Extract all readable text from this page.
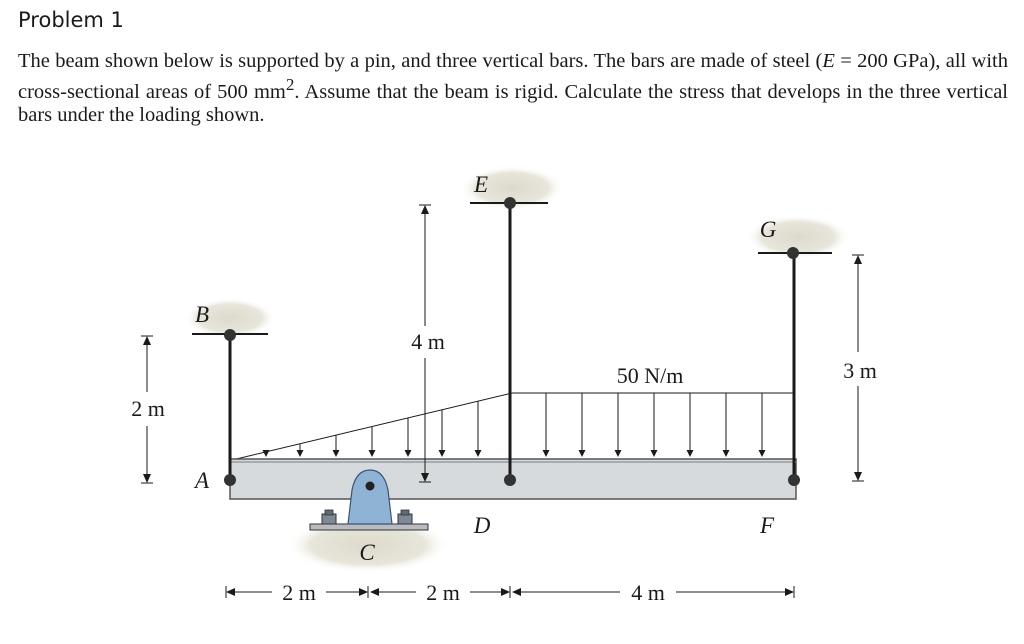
Problem 1
The beam shown below is supported by a pin, and three vertical bars. The bars are made of steel (E = 200 GPa), all with cross-sectional areas of 500 $mm^2$. Assume that the beam is rigid. Calculate the stress that develops in the three vertical bars under the loading shown.
2 m
4 m
3 m
2 m	2 m	4 m
50 N/m
B
A
E
D
C
G
F
